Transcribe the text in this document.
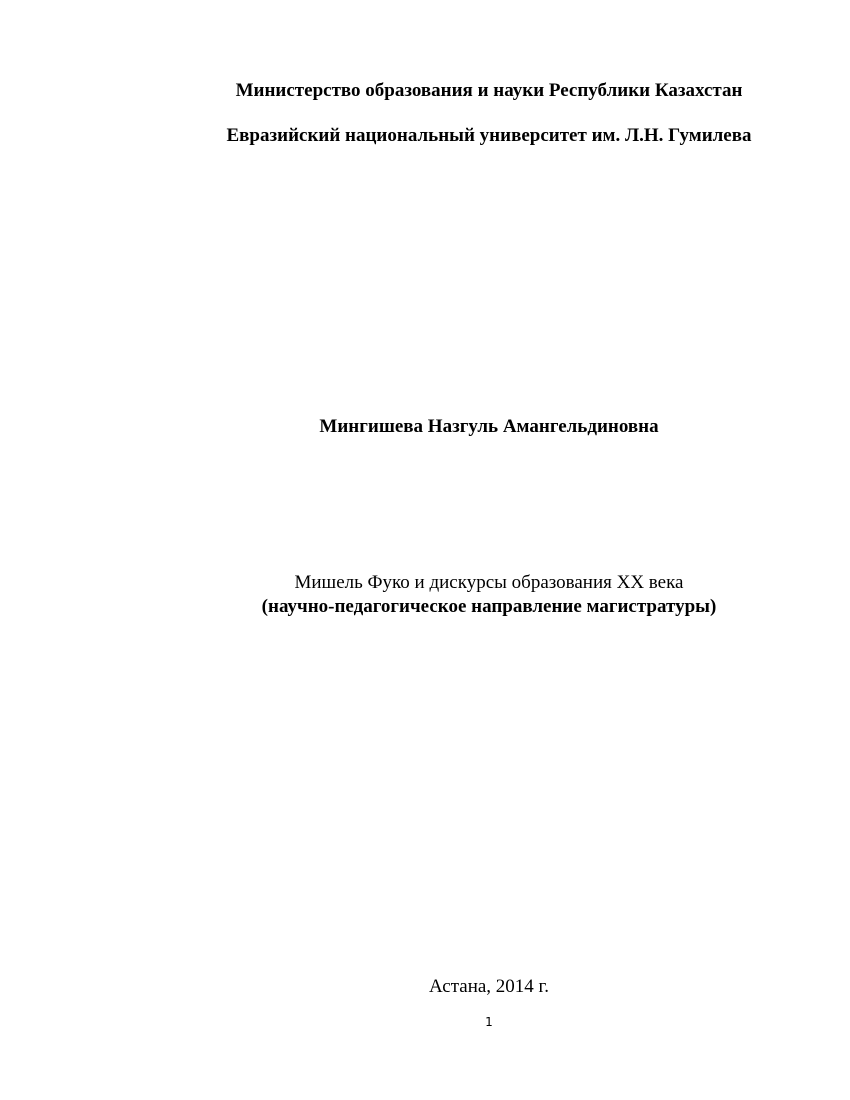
Министерство образования и науки Республики Казахстан
Евразийский национальный университет им. Л.Н. Гумилева
Мингишева Назгуль Амангельдиновна
Мишель Фуко и дискурсы образования XX века
(научно-педагогическое направление магистратуры)
Астана, 2014 г.
1
